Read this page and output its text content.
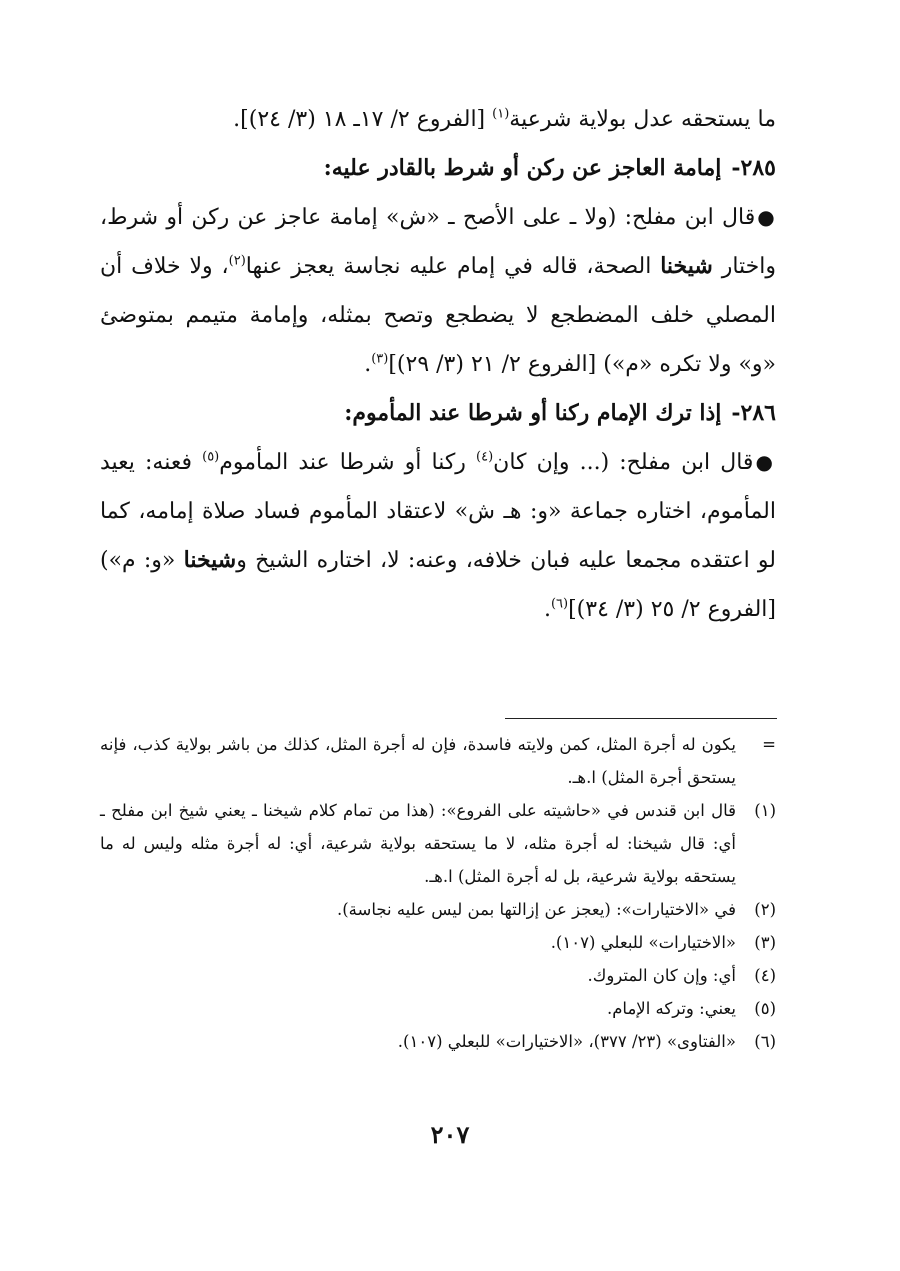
ما يستحقه عدل بولاية شرعية$^{(١)}$ [الفروع ٢/ ١٧ـ ١٨ (٣/ ٢٤)].

٢٨٥-إمامة العاجز عن ركن أو شرط بالقادر عليه:

●قال ابن مفلح: (ولا ـ على الأصح ـ «ش» إمامة عاجز عن ركن أو شرط، واختار شيخنا الصحة، قاله في إمام عليه نجاسة يعجز عنها$^{(٢)}$، ولا خلاف أن المصلي خلف المضطجع لا يضطجع وتصح بمثله، وإمامة متيمم بمتوضئ «و» ولا تكره «م») [الفروع ٢/ ٢١ (٣/ ٢٩)]$^{(٣)}$.

٢٨٦-إذا ترك الإمام ركنا أو شرطا عند المأموم:

●قال ابن مفلح: (... وإن كان$^{(٤)}$ ركنا أو شرطا عند المأموم$^{(٥)}$ فعنه: يعيد المأموم، اختاره جماعة «و: هـ ش» لاعتقاد المأموم فساد صلاة إمامه، كما لو اعتقده مجمعا عليه فبان خلافه، وعنه: لا، اختاره الشيخ وشيخنا «و: م») [الفروع ٢/ ٢٥ (٣/ ٣٤)]$^{(٦)}$.

=
يكون له أجرة المثل، كمن ولايته فاسدة، فإن له أجرة المثل، كذلك من باشر بولاية كذب، فإنه يستحق أجرة المثل) ا.هـ.
(١)
قال ابن قندس في «حاشيته على الفروع»: (هذا من تمام كلام شيخنا ـ يعني شيخ ابن مفلح ـ أي: قال شيخنا: له أجرة مثله، لا ما يستحقه بولاية شرعية، أي: له أجرة مثله وليس له ما يستحقه بولاية شرعية، بل له أجرة المثل) ا.هـ.
(٢)
في «الاختيارات»: (يعجز عن إزالتها بمن ليس عليه نجاسة).
(٣)
«الاختيارات» للبعلي (١٠٧).
(٤)
أي: وإن كان المتروك.
(٥)
يعني: وتركه الإمام.
(٦)
«الفتاوى» (٢٣/ ٣٧٧)، «الاختيارات» للبعلي (١٠٧).
٢٠٧
